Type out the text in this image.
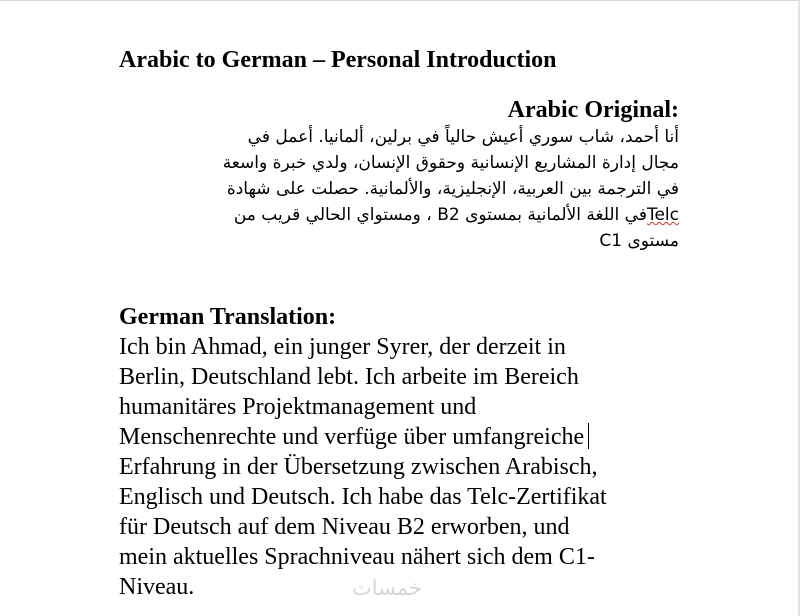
Arabic to German – Personal Introduction
Arabic Original:
أنا أحمد، شاب سوري أعيش حالياً في برلين، ألمانيا. أعمل في
مجال إدارة المشاريع الإنسانية وحقوق الإنسان، ولدي خبرة واسعة
في الترجمة بين العربية، الإنجليزية، والألمانية. حصلت على شهادة
Telcفي اللغة الألمانية بمستوى B2 ، ومستواي الحالي قريب من
مستوى C1
German Translation:
Ich bin Ahmad, ein junger Syrer, der derzeit in
Berlin, Deutschland lebt. Ich arbeite im Bereich
humanitäres Projektmanagement und
Menschenrechte und verfüge über umfangreiche
Erfahrung in der Übersetzung zwischen Arabisch,
Englisch und Deutsch. Ich habe das Telc-Zertifikat
für Deutsch auf dem Niveau B2 erworben, und
mein aktuelles Sprachniveau nähert sich dem C1-
Niveau.	خمسات
